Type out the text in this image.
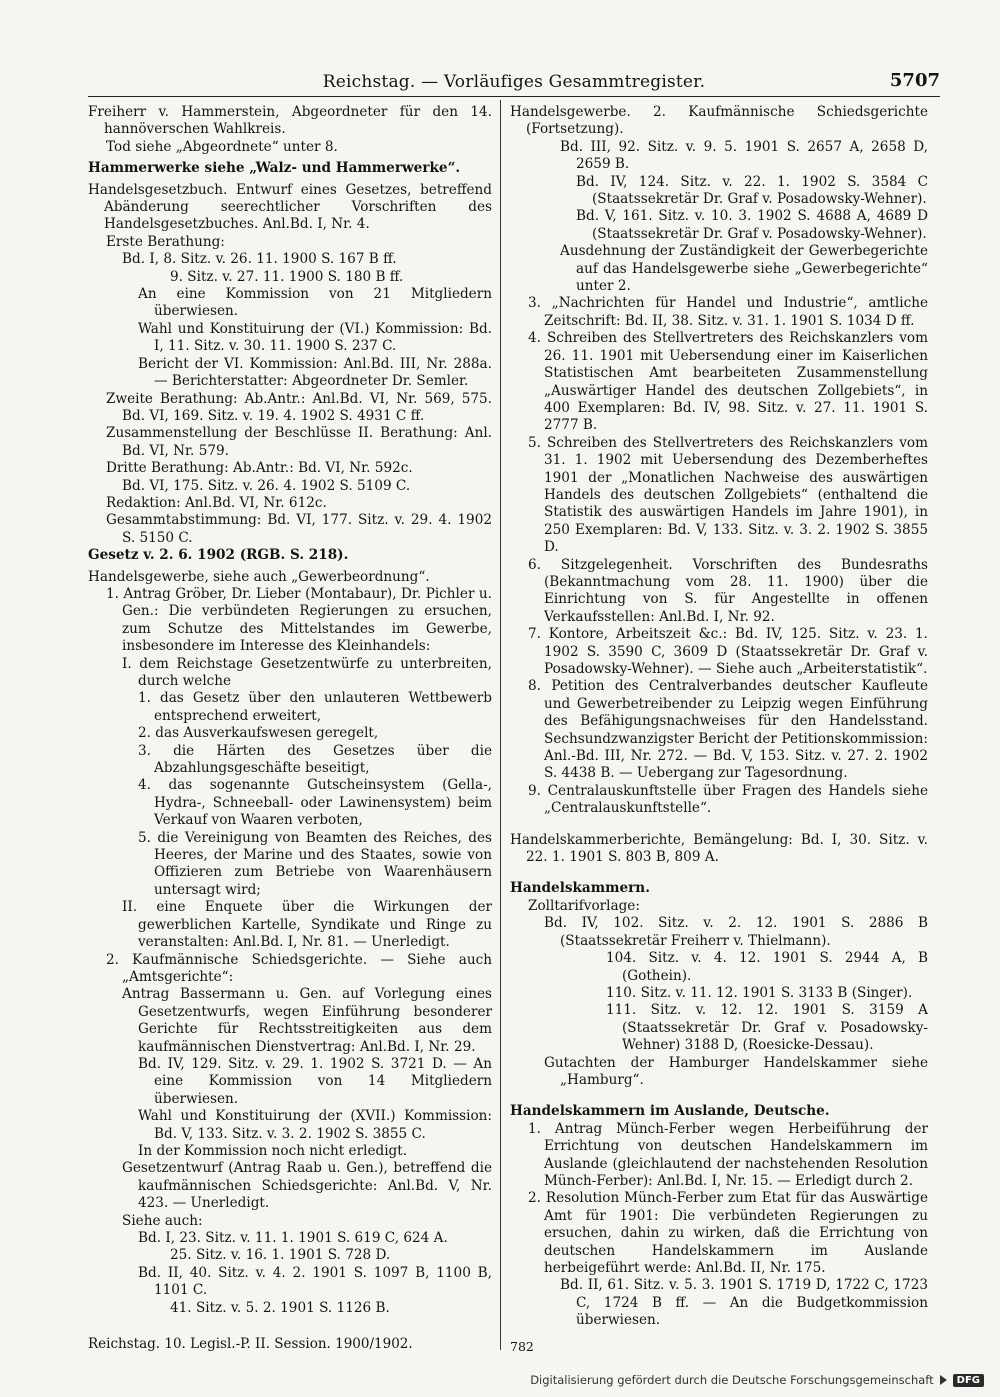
Reichstag. — Vorläufiges Gesammtregister.	5707

Freiherr v. Hammerstein, Abgeordneter für den 14. hannöverschen Wahlkreis.

Tod siehe „Abgeordnete“ unter 8.

Hammerwerke siehe „Walz- und Hammerwerke“.

Handelsgesetzbuch. Entwurf eines Gesetzes, betreffend Abänderung seerechtlicher Vorschriften des Handelsgesetzbuches. Anl.Bd. I, Nr. 4.

Erste Berathung:

Bd. I, 8. Sitz. v. 26. 11. 1900 S. 167 B ff.

9. Sitz. v. 27. 11. 1900 S. 180 B ff.

An eine Kommission von 21 Mitgliedern überwiesen.

Wahl und Konstituirung der (VI.) Kommission: Bd. I, 11. Sitz. v. 30. 11. 1900 S. 237 C.

Bericht der VI. Kommission: Anl.Bd. III, Nr. 288a. — Berichterstatter: Abgeordneter Dr. Semler.

Zweite Berathung: Ab.Antr.: Anl.Bd. VI, Nr. 569, 575. Bd. VI, 169. Sitz. v. 19. 4. 1902 S. 4931 C ff.

Zusammenstellung der Beschlüsse II. Berathung: Anl. Bd. VI, Nr. 579.

Dritte Berathung: Ab.Antr.: Bd. VI, Nr. 592c.

Bd. VI, 175. Sitz. v. 26. 4. 1902 S. 5109 C.

Redaktion: Anl.Bd. VI, Nr. 612c.

Gesammtabstimmung: Bd. VI, 177. Sitz. v. 29. 4. 1902 S. 5150 C.

Gesetz v. 2. 6. 1902 (RGB. S. 218).

Handelsgewerbe, siehe auch „Gewerbeordnung“.

1. Antrag Gröber, Dr. Lieber (Montabaur), Dr. Pichler u. Gen.: Die verbündeten Regierungen zu ersuchen, zum Schutze des Mittelstandes im Gewerbe, insbesondere im Interesse des Kleinhandels:

I. dem Reichstage Gesetzentwürfe zu unterbreiten, durch welche

1. das Gesetz über den unlauteren Wettbewerb entsprechend erweitert,

2. das Ausverkaufswesen geregelt,

3. die Härten des Gesetzes über die Abzahlungsgeschäfte beseitigt,

4. das sogenannte Gutscheinsystem (Gella-, Hydra-, Schneeball- oder Lawinensystem) beim Verkauf von Waaren verboten,

5. die Vereinigung von Beamten des Reiches, des Heeres, der Marine und des Staates, sowie von Offizieren zum Betriebe von Waarenhäusern untersagt wird;

II. eine Enquete über die Wirkungen der gewerblichen Kartelle, Syndikate und Ringe zu veranstalten: Anl.Bd. I, Nr. 81. — Unerledigt.

2. Kaufmännische Schiedsgerichte. — Siehe auch „Amtsgerichte“:

Antrag Bassermann u. Gen. auf Vorlegung eines Gesetzentwurfs, wegen Einführung besonderer Gerichte für Rechtsstreitigkeiten aus dem kaufmännischen Dienstvertrag: Anl.Bd. I, Nr. 29.

Bd. IV, 129. Sitz. v. 29. 1. 1902 S. 3721 D. — An eine Kommission von 14 Mitgliedern überwiesen.

Wahl und Konstituirung der (XVII.) Kommission: Bd. V, 133. Sitz. v. 3. 2. 1902 S. 3855 C.

In der Kommission noch nicht erledigt.

Gesetzentwurf (Antrag Raab u. Gen.), betreffend die kaufmännischen Schiedsgerichte: Anl.Bd. V, Nr. 423. — Unerledigt.

Siehe auch:

Bd. I, 23. Sitz. v. 11. 1. 1901 S. 619 C, 624 A.

25. Sitz. v. 16. 1. 1901 S. 728 D.

Bd. II, 40. Sitz. v. 4. 2. 1901 S. 1097 B, 1100 B, 1101 C.

41. Sitz. v. 5. 2. 1901 S. 1126 B.

Handelsgewerbe. 2. Kaufmännische Schiedsgerichte (Fortsetzung).

Bd. III, 92. Sitz. v. 9. 5. 1901 S. 2657 A, 2658 D, 2659 B.

Bd. IV, 124. Sitz. v. 22. 1. 1902 S. 3584 C (Staatssekretär Dr. Graf v. Posadowsky-Wehner).

Bd. V, 161. Sitz. v. 10. 3. 1902 S. 4688 A, 4689 D (Staatssekretär Dr. Graf v. Posadowsky-Wehner).

Ausdehnung der Zuständigkeit der Gewerbegerichte auf das Handelsgewerbe siehe „Gewerbegerichte“ unter 2.

3. „Nachrichten für Handel und Industrie“, amtliche Zeitschrift: Bd. II, 38. Sitz. v. 31. 1. 1901 S. 1034 D ff.

4. Schreiben des Stellvertreters des Reichskanzlers vom 26. 11. 1901 mit Uebersendung einer im Kaiserlichen Statistischen Amt bearbeiteten Zusammenstellung „Auswärtiger Handel des deutschen Zollgebiets“, in 400 Exemplaren: Bd. IV, 98. Sitz. v. 27. 11. 1901 S. 2777 B.

5. Schreiben des Stellvertreters des Reichskanzlers vom 31. 1. 1902 mit Uebersendung des Dezemberheftes 1901 der „Monatlichen Nachweise des auswärtigen Handels des deutschen Zollgebiets“ (enthaltend die Statistik des auswärtigen Handels im Jahre 1901), in 250 Exemplaren: Bd. V, 133. Sitz. v. 3. 2. 1902 S. 3855 D.

6. Sitzgelegenheit. Vorschriften des Bundesraths (Bekanntmachung vom 28. 11. 1900) über die Einrichtung von S. für Angestellte in offenen Verkaufsstellen: Anl.Bd. I, Nr. 92.

7. Kontore, Arbeitszeit &c.: Bd. IV, 125. Sitz. v. 23. 1. 1902 S. 3590 C, 3609 D (Staatssekretär Dr. Graf v. Posadowsky-Wehner). — Siehe auch „Arbeiterstatistik“.

8. Petition des Centralverbandes deutscher Kaufleute und Gewerbetreibender zu Leipzig wegen Einführung des Befähigungsnachweises für den Handelsstand. Sechsundzwanzigster Bericht der Petitionskommission: Anl.-Bd. III, Nr. 272. — Bd. V, 153. Sitz. v. 27. 2. 1902 S. 4438 B. — Uebergang zur Tagesordnung.

9. Centralauskunftstelle über Fragen des Handels siehe „Centralauskunftstelle“.

Handelskammerberichte, Bemängelung: Bd. I, 30. Sitz. v. 22. 1. 1901 S. 803 B, 809 A.

Handelskammern.

Zolltarifvorlage:

Bd. IV, 102. Sitz. v. 2. 12. 1901 S. 2886 B (Staatssekretär Freiherr v. Thielmann).

104. Sitz. v. 4. 12. 1901 S. 2944 A, B (Gothein).

110. Sitz. v. 11. 12. 1901 S. 3133 B (Singer).

111. Sitz. v. 12. 12. 1901 S. 3159 A (Staatssekretär Dr. Graf v. Posadowsky-Wehner) 3188 D, (Roesicke-Dessau).

Gutachten der Hamburger Handelskammer siehe „Hamburg“.

Handelskammern im Auslande, Deutsche.

1. Antrag Münch-Ferber wegen Herbeiführung der Errichtung von deutschen Handelskammern im Auslande (gleichlautend der nachstehenden Resolution Münch-Ferber): Anl.Bd. I, Nr. 15. — Erledigt durch 2.

2. Resolution Münch-Ferber zum Etat für das Auswärtige Amt für 1901: Die verbündeten Regierungen zu ersuchen, dahin zu wirken, daß die Errichtung von deutschen Handelskammern im Auslande herbeigeführt werde: Anl.Bd. II, Nr. 175.

Bd. II, 61. Sitz. v. 5. 3. 1901 S. 1719 D, 1722 C, 1723 C, 1724 B ff. — An die Budgetkommission überwiesen.

782

Reichstag. 10. Legisl.-P. II. Session. 1900/1902.
Digitalisierung gefördert durch die Deutsche Forschungsgemeinschaft	DFG
